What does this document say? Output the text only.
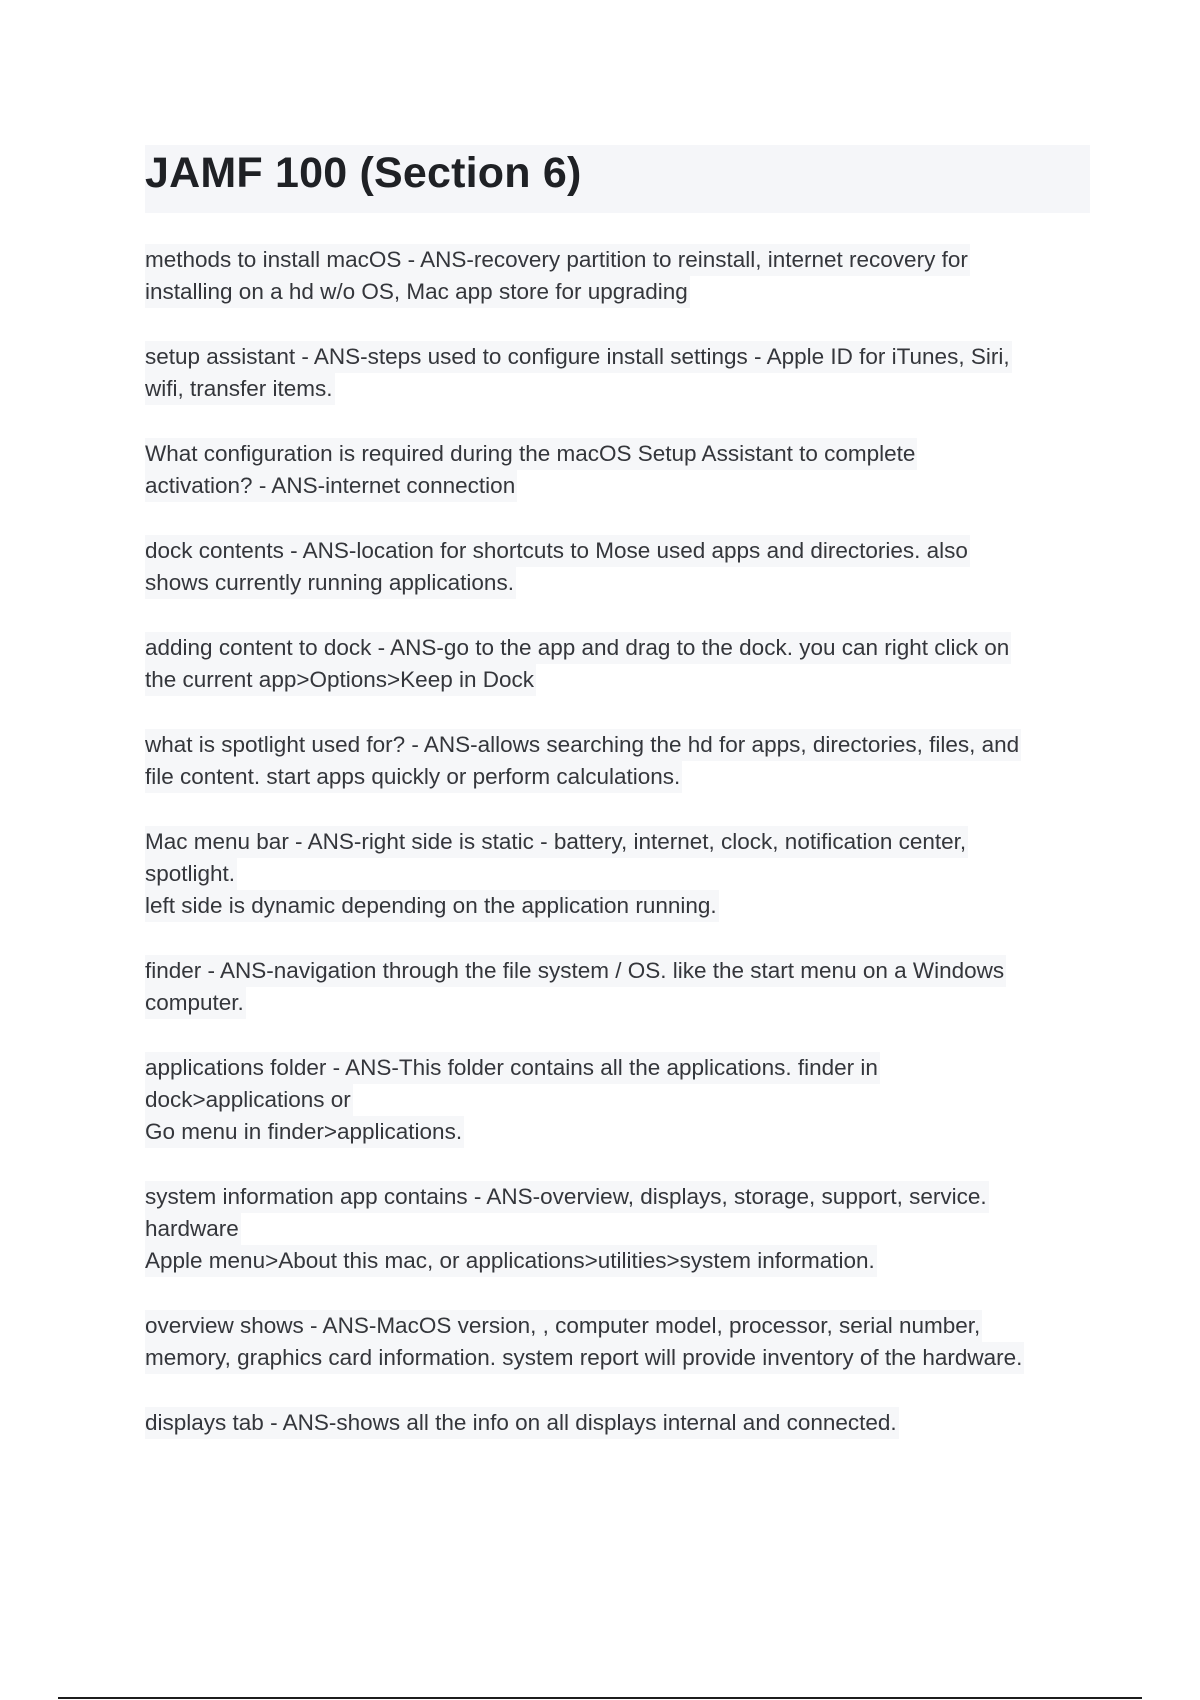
JAMF 100 (Section 6)

methods to install macOS - ANS-recovery partition to reinstall, internet recovery for
installing on a hd w/o OS, Mac app store for upgrading

setup assistant - ANS-steps used to configure install settings - Apple ID for iTunes, Siri,
wifi, transfer items.

What configuration is required during the macOS Setup Assistant to complete
activation? - ANS-internet connection

dock contents - ANS-location for shortcuts to Mose used apps and directories. also
shows currently running applications.

adding content to dock - ANS-go to the app and drag to the dock. you can right click on
the current app>Options>Keep in Dock

what is spotlight used for? - ANS-allows searching the hd for apps, directories, files, and
file content. start apps quickly or perform calculations.

Mac menu bar - ANS-right side is static - battery, internet, clock, notification center,
spotlight.
left side is dynamic depending on the application running.

finder - ANS-navigation through the file system / OS. like the start menu on a Windows
computer.

applications folder - ANS-This folder contains all the applications. finder in
dock>applications or
Go menu in finder>applications.

system information app contains - ANS-overview, displays, storage, support, service.
hardware
Apple menu>About this mac, or applications>utilities>system information.

overview shows - ANS-MacOS version, , computer model, processor, serial number,
memory, graphics card information. system report will provide inventory of the hardware.

displays tab - ANS-shows all the info on all displays internal and connected.
